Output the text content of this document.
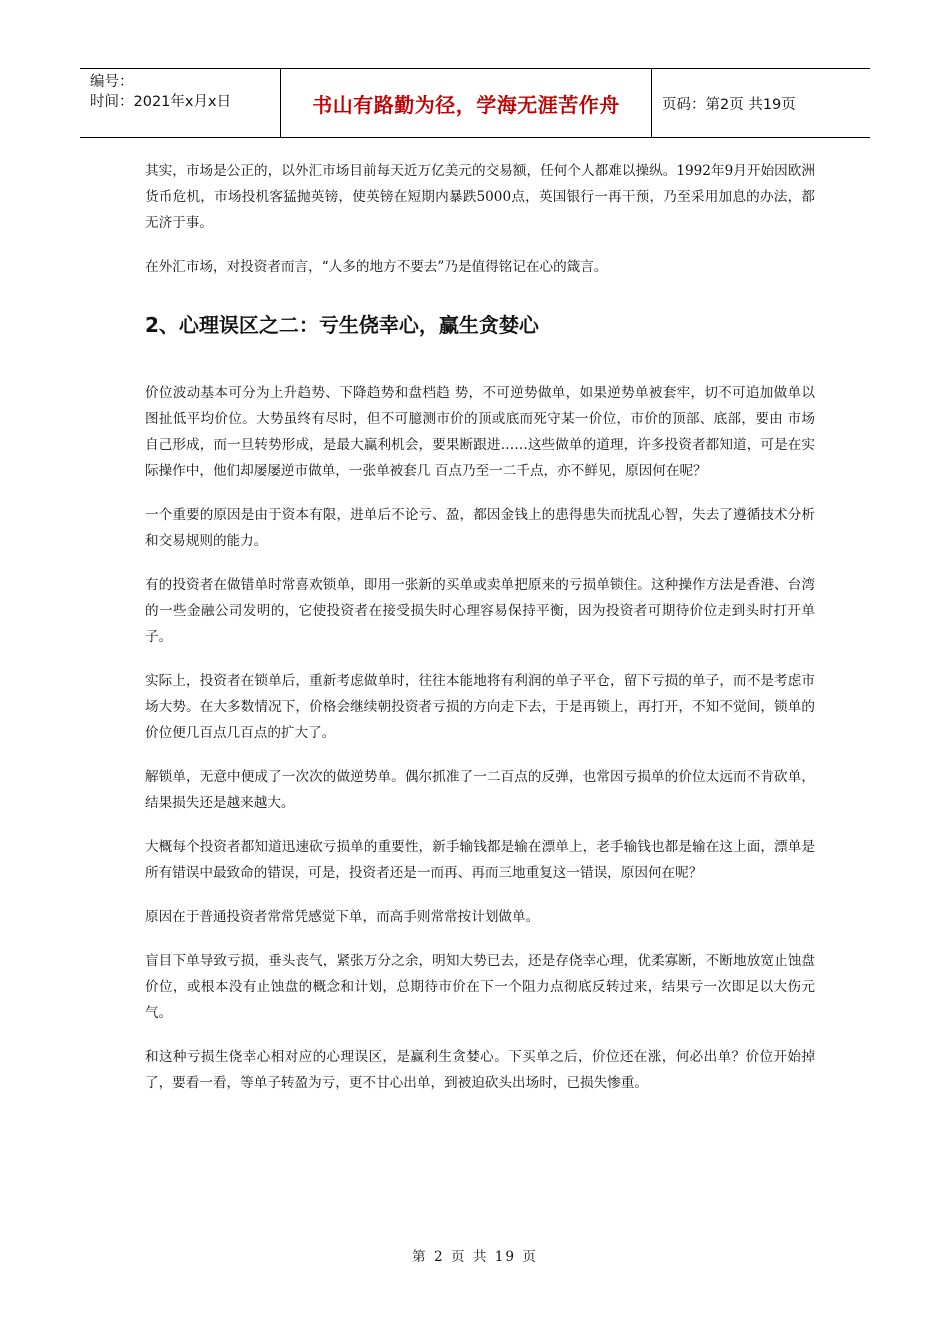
编号：
时间：2021年x月x日	书山有路勤为径，学海无涯苦作舟	页码：第2页 共19页

其实，市场是公正的，以外汇市场目前每天近万亿美元的交易额，任何个人都难以操纵。1992年9月开始因欧洲货币危机，市场投机客猛抛英镑，使英镑在短期内暴跌5000点，英国银行一再干预，乃至采用加息的办法，都无济于事。

在外汇市场，对投资者而言，“人多的地方不要去”乃是值得铭记在心的箴言。

2、心理误区之二：亏生侥幸心，赢生贪婪心

价位波动基本可分为上升趋势、下降趋势和盘档趋 势，不可逆势做单，如果逆势单被套牢，切不可追加做单以图扯低平均价位。大势虽终有尽时，但不可臆测市价的顶或底而死守某一价位，市价的顶部、底部，要由 市场自己形成，而一旦转势形成，是最大赢利机会，要果断跟进……这些做单的道理，许多投资者都知道，可是在实际操作中，他们却屡屡逆市做单，一张单被套几 百点乃至一二千点，亦不鲜见，原因何在呢？

一个重要的原因是由于资本有限，进单后不论亏、盈，都因金钱上的患得患失而扰乱心智，失去了遵循技术分析和交易规则的能力。

有的投资者在做错单时常喜欢锁单，即用一张新的买单或卖单把原来的亏损单锁住。这种操作方法是香港、台湾的一些金融公司发明的，它使投资者在接受损失时心理容易保持平衡，因为投资者可期待价位走到头时打开单子。

实际上，投资者在锁单后，重新考虑做单时，往往本能地将有利润的单子平仓，留下亏损的单子，而不是考虑市场大势。在大多数情况下，价格会继续朝投资者亏损的方向走下去，于是再锁上，再打开，不知不觉间，锁单的价位便几百点几百点的扩大了。

解锁单，无意中便成了一次次的做逆势单。偶尔抓准了一二百点的反弹，也常因亏损单的价位太远而不肯砍单，结果损失还是越来越大。

大概每个投资者都知道迅速砍亏损单的重要性，新手输钱都是输在漂单上，老手输钱也都是输在这上面，漂单是所有错误中最致命的错误，可是，投资者还是一而再、再而三地重复这一错误，原因何在呢？

原因在于普通投资者常常凭感觉下单，而高手则常常按计划做单。

盲目下单导致亏损，垂头丧气，紧张万分之余，明知大势已去，还是存侥幸心理，优柔寡断，不断地放宽止蚀盘价位，或根本没有止蚀盘的概念和计划，总期待市价在下一个阻力点彻底反转过来，结果亏一次即足以大伤元气。

和这种亏损生侥幸心相对应的心理误区，是赢利生贪婪心。下买单之后，价位还在涨，何必出单？价位开始掉了，要看一看，等单子转盈为亏，更不甘心出单，到被迫砍头出场时，已损失惨重。

第 2 页 共 19 页
